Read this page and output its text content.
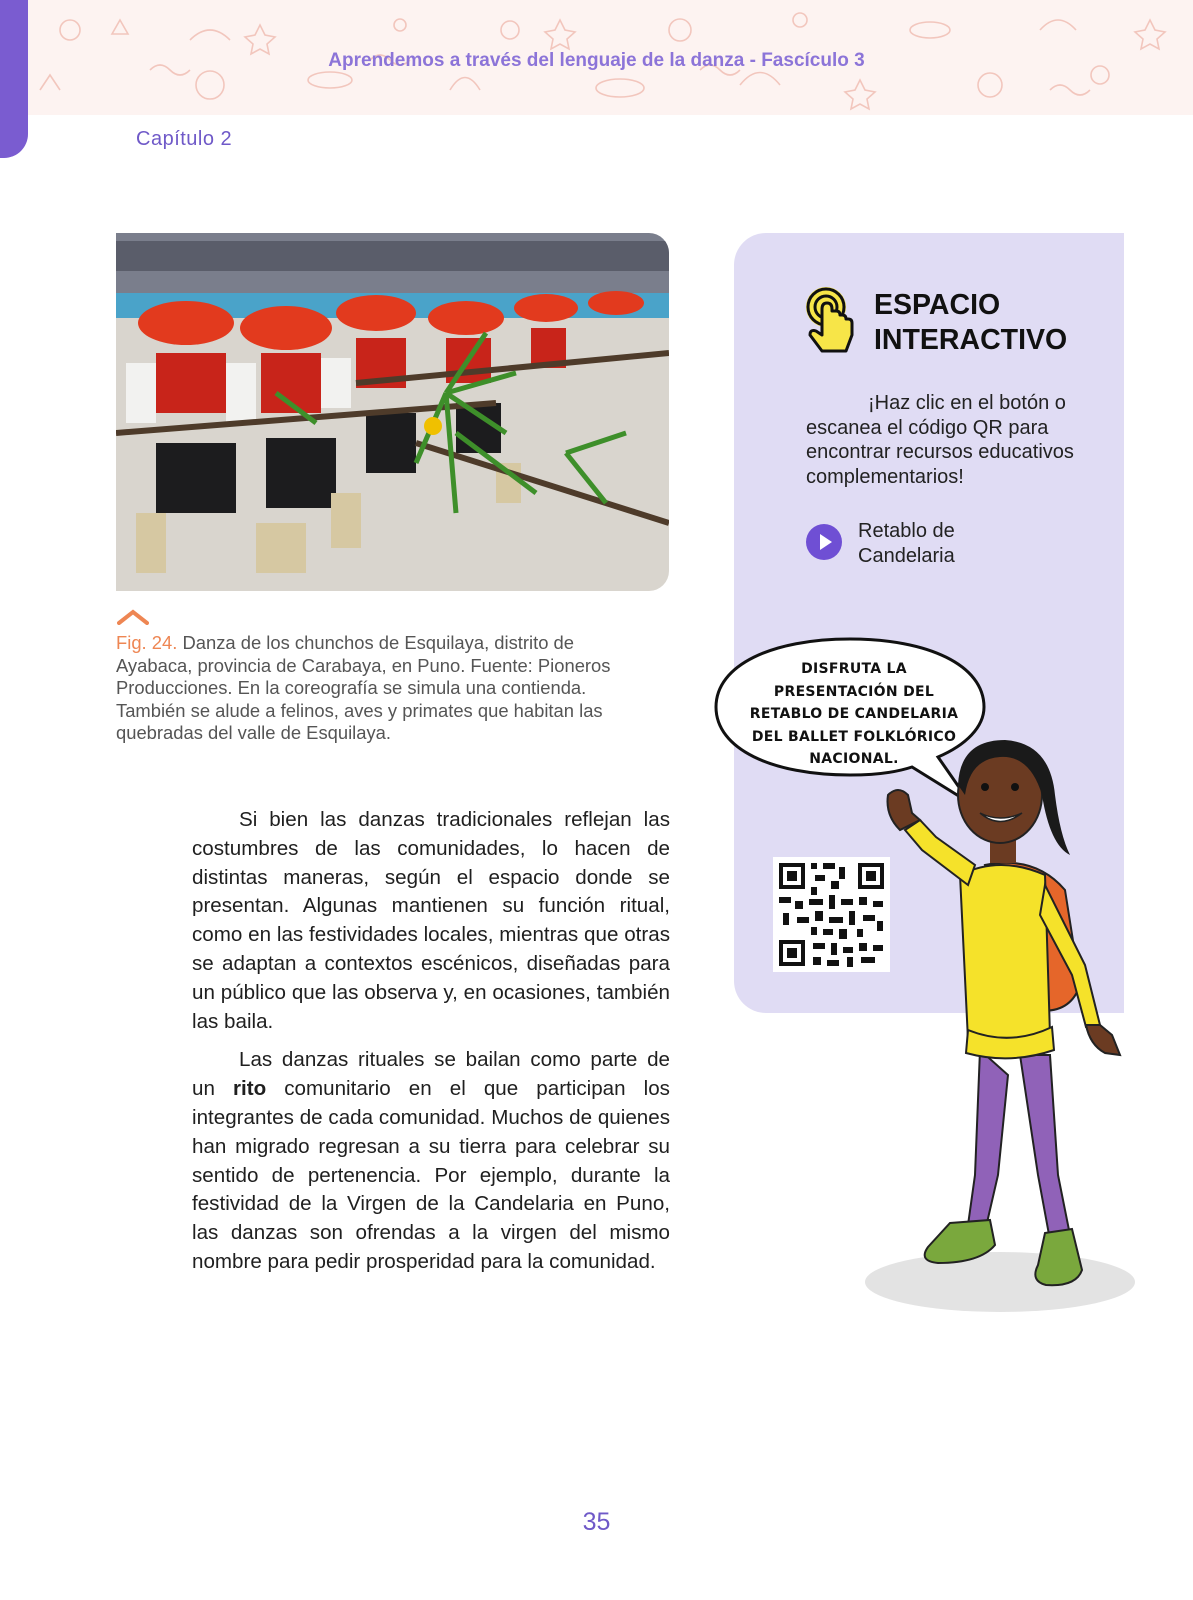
Aprendemos a través del lenguaje de la danza - Fascículo 3
Capítulo 2
Fig. 24. Danza de los chunchos de Esquilaya, distrito de Ayabaca, provincia de Carabaya, en Puno. Fuente: Pioneros Producciones. En la coreografía se simula una contienda. También se alude a felinos, aves y primates que habitan las quebradas del valle de Esquilaya.

Si bien las danzas tradicionales reflejan las costumbres de las comunidades, lo hacen de distintas maneras, según el espacio donde se presentan. Algunas mantienen su función ritual, como en las festividades locales, mientras que otras se adaptan a contextos escénicos, diseñadas para un público que las observa y, en ocasiones, también las baila.

Las danzas rituales se bailan como parte de un rito comunitario en el que participan los integrantes de cada comunidad. Muchos de quienes han migrado regresan a su tierra para celebrar su sentido de pertenencia. Por ejemplo, durante la festividad de la Virgen de la Candelaria en Puno, las danzas son ofrendas a la virgen del mismo nombre para pedir prosperidad para la comunidad.

ESPACIO
INTERACTIVO
¡Haz clic en el botón o escanea el código QR para encontrar recursos educativos complementarios!
Retablo de Candelaria
DISFRUTA LA PRESENTACIÓN DEL RETABLO DE CANDELARIA DEL BALLET FOLKLÓRICO NACIONAL.
35
